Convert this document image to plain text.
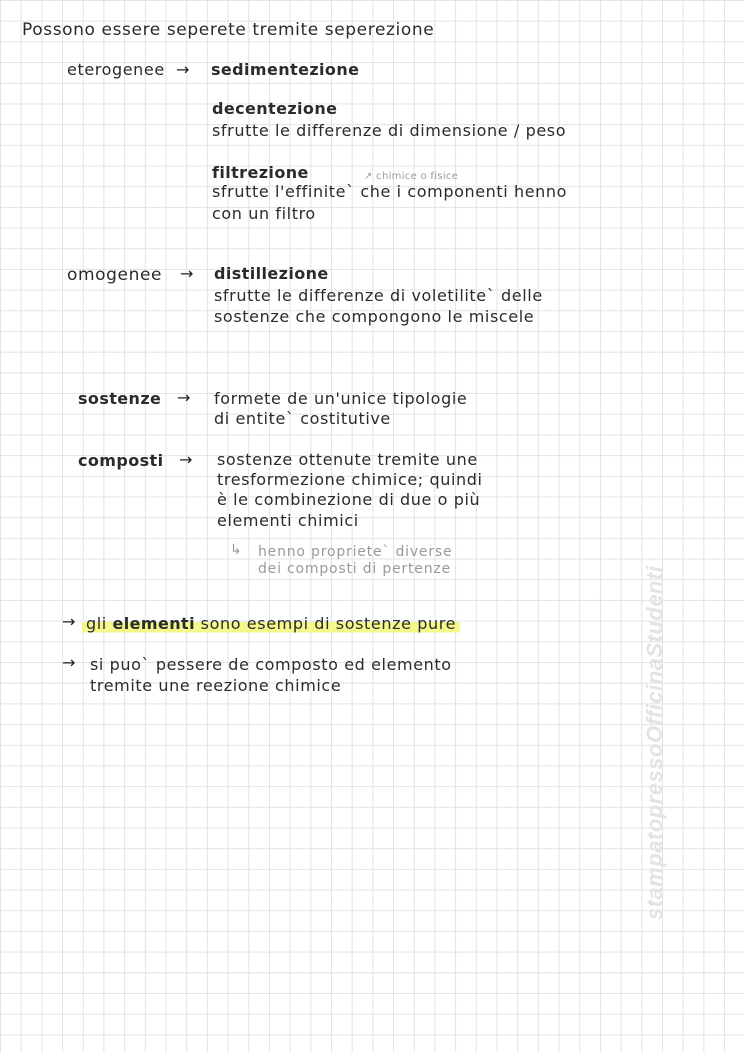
Possono essere seperete tremite seperezione
eterogenee → sedimentezione
decentezione
sfrutte le differenze di dimensione / peso
filtrezione	↗ chimice o fisice
sfrutte l'effinite` che i componenti henno
con un filtro
omogenee → distillezione
sfrutte le differenze di voletilite` delle
sostenze che compongono le miscele
sostenze → formete de un'unice tipologie
di entite` costitutive
composti → sostenze ottenute tremite une
tresformezione chimice; quindi
è le combinezione di due o più
elementi chimici
↳ henno propriete` diverse
dei composti di pertenze
→ gli elementi sono esempi di sostenze pure
→ si puo` pessere de composto ed elemento
tremite une reezione chimice	stampatopressoOfficinaStudenti
